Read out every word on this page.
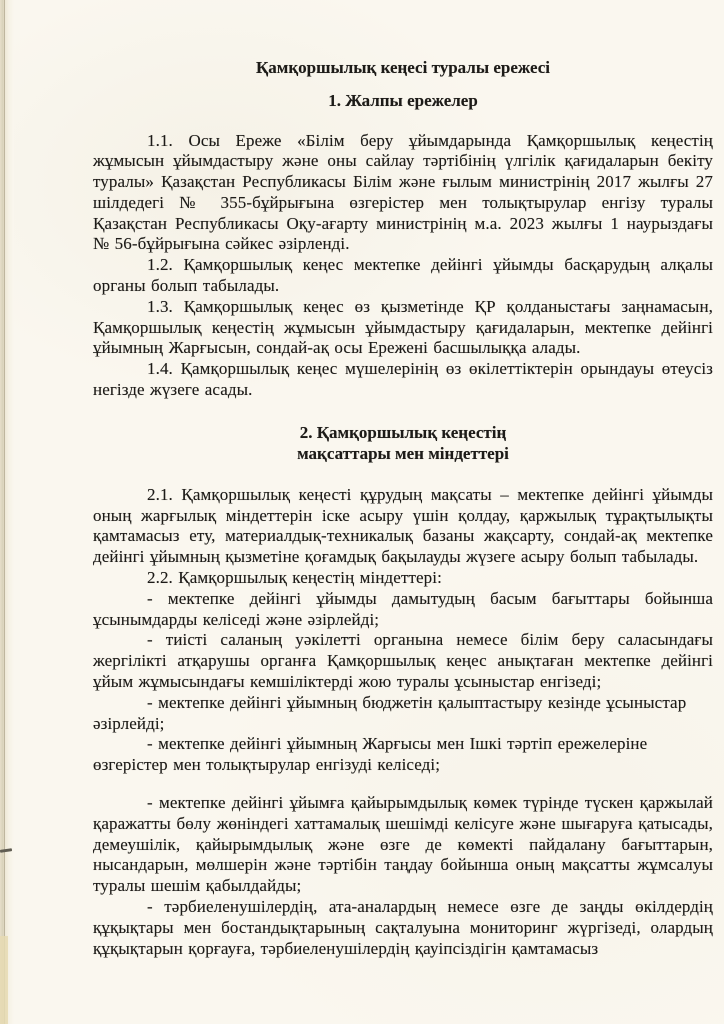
Қамқоршылық кеңесі туралы ережесі
1. Жалпы ережелер

1.1. Осы Ереже «Білім беру ұйымдарында Қамқоршылық кеңестің жұмысын ұйымдастыру және оны сайлау тәртібінің үлгілік қағидаларын бекіту туралы» Қазақстан Республикасы Білім және ғылым министрінің 2017 жылғы 27 шілдедегі № 355-бұйрығына өзгерістер мен толықтырулар енгізу туралы Қазақстан Республикасы Оқу-ағарту министрінің м.а. 2023 жылғы 1 наурыздағы № 56-бұйрығына сәйкес әзірленді.

1.2. Қамқоршылық кеңес мектепке дейінгі ұйымды басқарудың алқалы органы болып табылады.

1.3. Қамқоршылық кеңес өз қызметінде ҚР қолданыстағы заңнамасын, Қамқоршылық кеңестің жұмысын ұйымдастыру қағидаларын, мектепке дейінгі ұйымның Жарғысын, сондай-ақ осы Ережені басшылыққа алады.

1.4. Қамқоршылық кеңес мүшелерінің өз өкілеттіктерін орындауы өтеусіз негізде жүзеге асады.

2. Қамқоршылық кеңестің
мақсаттары мен міндеттері

2.1. Қамқоршылық кеңесті құрудың мақсаты – мектепке дейінгі ұйымды оның жарғылық міндеттерін іске асыру үшін қолдау, қаржылық тұрақтылықты қамтамасыз ету, материалдық-техникалық базаны жақсарту, сондай-ақ мектепке дейінгі ұйымның қызметіне қоғамдық бақылауды жүзеге асыру болып табылады.

2.2. Қамқоршылық кеңестің міндеттері:

- мектепке дейінгі ұйымды дамытудың басым бағыттары бойынша ұсынымдарды келіседі және әзірлейді;

- тиісті саланың уәкілетті органына немесе білім беру саласындағы жергілікті атқарушы органға Қамқоршылық кеңес анықтаған мектепке дейінгі ұйым жұмысындағы кемшіліктерді жою туралы ұсыныстар енгізеді;

- мектепке дейінгі ұйымның бюджетін қалыптастыру кезінде ұсыныстар әзірлейді;

- мектепке дейінгі ұйымның Жарғысы мен Ішкі тәртіп ережелеріне өзгерістер мен толықтырулар енгізуді келіседі;

- мектепке дейінгі ұйымға қайырымдылық көмек түрінде түскен қаржылай қаражатты бөлу жөніндегі хаттамалық шешімді келісуге және шығаруға қатысады, демеушілік, қайырымдылық және өзге де көмекті пайдалану бағыттарын, нысандарын, мөлшерін және тәртібін таңдау бойынша оның мақсатты жұмсалуы туралы шешім қабылдайды;

- тәрбиеленушілердің, ата-аналардың немесе өзге де заңды өкілдердің құқықтары мен бостандықтарының сақталуына мониторинг жүргізеді, олардың құқықтарын қорғауға, тәрбиеленушілердің қауіпсіздігін қамтамасыз
